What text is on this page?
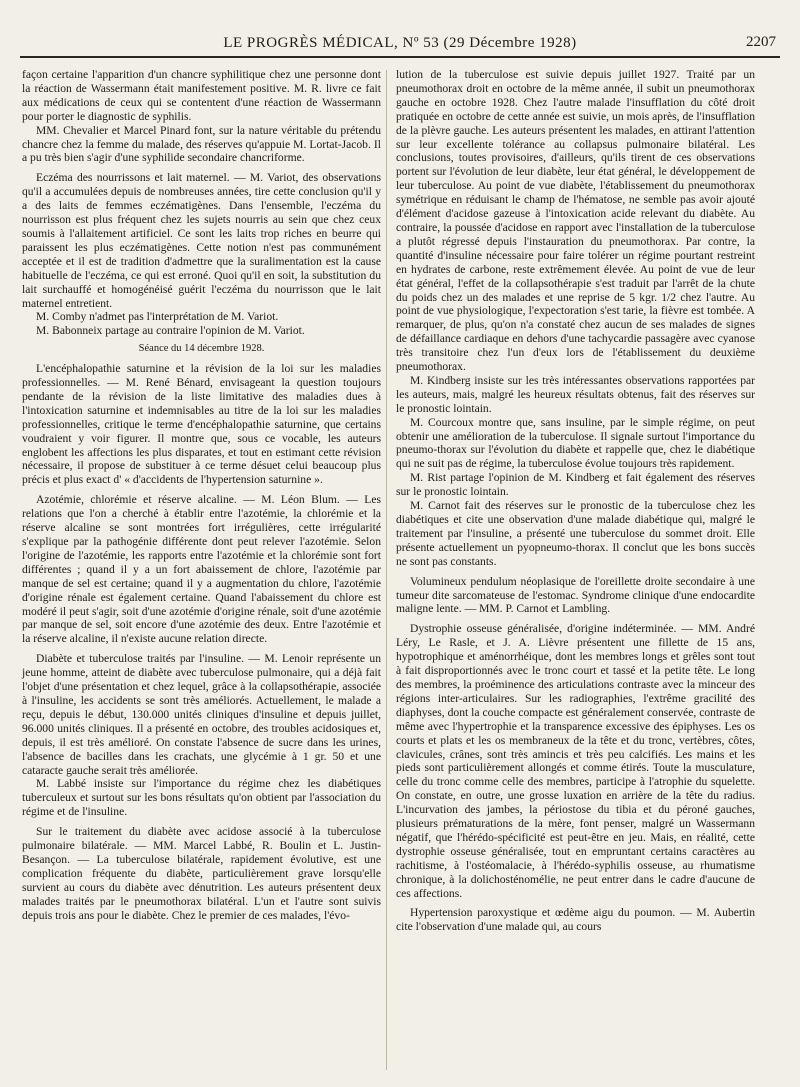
LE PROGRÈS MÉDICAL, Nº 53 (29 Décembre 1928)	2207

façon certaine l'apparition d'un chancre syphilitique chez une personne dont la réaction de Wassermann était manifestement positive. M. R. livre ce fait aux médications de ceux qui se contentent d'une réaction de Wassermann pour porter le diagnostic de syphilis.

MM. Chevalier et Marcel Pinard font, sur la nature véritable du prétendu chancre chez la femme du malade, des réserves qu'appuie M. Lortat-Jacob. Il a pu très bien s'agir d'une syphilide secondaire chancriforme.

Eczéma des nourrissons et lait maternel. — M. Variot, des observations qu'il a accumulées depuis de nombreuses années, tire cette conclusion qu'il y a des laits de femmes eczématigènes. Dans l'ensemble, l'eczéma du nourrisson est plus fréquent chez les sujets nourris au sein que chez ceux soumis à l'allaitement artificiel. Ce sont les laits trop riches en beurre qui paraissent les plus eczématigènes. Cette notion n'est pas communément acceptée et il est de tradition d'admettre que la suralimentation est la cause habituelle de l'eczéma, ce qui est erroné. Quoi qu'il en soit, la substitution du lait surchauffé et homogénéisé guérit l'eczéma du nourrisson que le lait maternel entretient.

M. Comby n'admet pas l'interprétation de M. Variot.

M. Babonneix partage au contraire l'opinion de M. Variot.

Séance du 14 décembre 1928.

L'encéphalopathie saturnine et la révision de la loi sur les maladies professionnelles. — M. René Bénard, envisageant la question toujours pendante de la révision de la liste limitative des maladies dues à l'intoxication saturnine et indemnisables au titre de la loi sur les maladies professionnelles, critique le terme d'encéphalopathie saturnine, que certains voudraient y voir figurer. Il montre que, sous ce vocable, les auteurs englobent les affections les plus disparates, et tout en estimant cette révision nécessaire, il propose de substituer à ce terme désuet celui beaucoup plus précis et plus exact d' « d'accidents de l'hypertension saturnine ».

Azotémie, chlorémie et réserve alcaline. — M. Léon Blum. — Les relations que l'on a cherché à établir entre l'azotémie, la chlorémie et la réserve alcaline se sont montrées fort irrégulières, cette irrégularité s'explique par la pathogénie différente dont peut relever l'azotémie. Selon l'origine de l'azotémie, les rapports entre l'azotémie et la chlorémie sont fort différentes ; quand il y a un fort abaissement de chlore, l'azotémie par manque de sel est certaine; quand il y a augmentation du chlore, l'azotémie d'origine rénale est également certaine. Quand l'abaissement du chlore est modéré il peut s'agir, soit d'une azotémie d'origine rénale, soit d'une azotémie par manque de sel, soit encore d'une azotémie des deux. Entre l'azotémie et la réserve alcaline, il n'existe aucune relation directe.

Diabète et tuberculose traités par l'insuline. — M. Lenoir représente un jeune homme, atteint de diabète avec tuberculose pulmonaire, qui a déjà fait l'objet d'une présentation et chez lequel, grâce à la collapsothérapie, associée à l'insuline, les accidents se sont très améliorés. Actuellement, le malade a reçu, depuis le début, 130.000 unités cliniques d'insuline et depuis juillet, 96.000 unités cliniques. Il a présenté en octobre, des troubles acidosiques et, depuis, il est très amélioré. On constate l'absence de sucre dans les urines, l'absence de bacilles dans les crachats, une glycémie à 1 gr. 50 et une cataracte gauche serait très améliorée.

M. Labbé insiste sur l'importance du régime chez les diabétiques tuberculeux et surtout sur les bons résultats qu'on obtient par l'association du régime et de l'insuline.

Sur le traitement du diabète avec acidose associé à la tuberculose pulmonaire bilatérale. — MM. Marcel Labbé, R. Boulin et L. Justin-Besançon. — La tuberculose bilatérale, rapidement évolutive, est une complication fréquente du diabète, particulièrement grave lorsqu'elle survient au cours du diabète avec dénutrition. Les auteurs présentent deux malades traités par le pneumothorax bilatéral. L'un et l'autre sont suivis depuis trois ans pour le diabète. Chez le premier de ces malades, l'évo-

lution de la tuberculose est suivie depuis juillet 1927. Traité par un pneumothorax droit en octobre de la même année, il subit un pneumothorax gauche en octobre 1928. Chez l'autre malade l'insufflation du côté droit pratiquée en octobre de cette année est suivie, un mois après, de l'insufflation de la plèvre gauche. Les auteurs présentent les malades, en attirant l'attention sur leur excellente tolérance au collapsus pulmonaire bilatéral. Les conclusions, toutes provisoires, d'ailleurs, qu'ils tirent de ces observations portent sur l'évolution de leur diabète, leur état général, le développement de leur tuberculose. Au point de vue diabète, l'établissement du pneumothorax symétrique en réduisant le champ de l'hématose, ne semble pas avoir ajouté d'élément d'acidose gazeuse à l'intoxication acide relevant du diabète. Au contraire, la poussée d'acidose en rapport avec l'installation de la tuberculose a plutôt régressé depuis l'instauration du pneumothorax. Par contre, la quantité d'insuline nécessaire pour faire tolérer un régime pourtant restreint en hydrates de carbone, reste extrêmement élevée. Au point de vue de leur état général, l'effet de la collapsothérapie s'est traduit par l'arrêt de la chute du poids chez un des malades et une reprise de 5 kgr. 1/2 chez l'autre. Au point de vue physiologique, l'expectoration s'est tarie, la fièvre est tombée. A remarquer, de plus, qu'on n'a constaté chez aucun de ses malades de signes de défaillance cardiaque en dehors d'une tachycardie passagère avec cyanose très transitoire chez l'un d'eux lors de l'établissement du deuxième pneumothorax.

M. Kindberg insiste sur les très intéressantes observations rapportées par les auteurs, mais, malgré les heureux résultats obtenus, fait des réserves sur le pronostic lointain.

M. Courcoux montre que, sans insuline, par le simple régime, on peut obtenir une amélioration de la tuberculose. Il signale surtout l'importance du pneumo-thorax sur l'évolution du diabète et rappelle que, chez le diabétique qui ne suit pas de régime, la tuberculose évolue toujours très rapidement.

M. Rist partage l'opinion de M. Kindberg et fait également des réserves sur le pronostic lointain.

M. Carnot fait des réserves sur le pronostic de la tuberculose chez les diabétiques et cite une observation d'une malade diabétique qui, malgré le traitement par l'insuline, a présenté une tuberculose du sommet droit. Elle présente actuellement un pyopneumo-thorax. Il conclut que les bons succès ne sont pas constants.

Volumineux pendulum néoplasique de l'oreillette droite secondaire à une tumeur dite sarcomateuse de l'estomac. Syndrome clinique d'une endocardite maligne lente. — MM. P. Carnot et Lambling.

Dystrophie osseuse généralisée, d'origine indéterminée. — MM. André Léry, Le Rasle, et J. A. Lièvre présentent une fillette de 15 ans, hypotrophique et aménorrhéique, dont les membres longs et grêles sont tout à fait disproportionnés avec le tronc court et tassé et la petite tête. Le long des membres, la proéminence des articulations contraste avec la minceur des régions inter-articulaires. Sur les radiographies, l'extrême gracilité des diaphyses, dont la couche compacte est généralement conservée, contraste de même avec l'hypertrophie et la transparence excessive des épiphyses. Les os courts et plats et les os membraneux de la tête et du tronc, vertèbres, côtes, clavicules, crânes, sont très amincis et très peu calcifiés. Les mains et les pieds sont particulièrement allongés et comme étirés. Toute la musculature, celle du tronc comme celle des membres, participe à l'atrophie du squelette. On constate, en outre, une grosse luxation en arrière de la tête du radius. L'incurvation des jambes, la périostose du tibia et du péroné gauches, plusieurs prématurations de la mère, font penser, malgré un Wassermann négatif, que l'hérédo-spécificité est peut-être en jeu. Mais, en réalité, cette dystrophie osseuse généralisée, tout en empruntant certains caractères au rachitisme, à l'ostéomalacie, à l'hérédo-syphilis osseuse, au rhumatisme chronique, à la dolichosténomélie, ne peut entrer dans le cadre d'aucune de ces affections.

Hypertension paroxystique et œdème aigu du poumon. — M. Aubertin cite l'observation d'une malade qui, au cours
